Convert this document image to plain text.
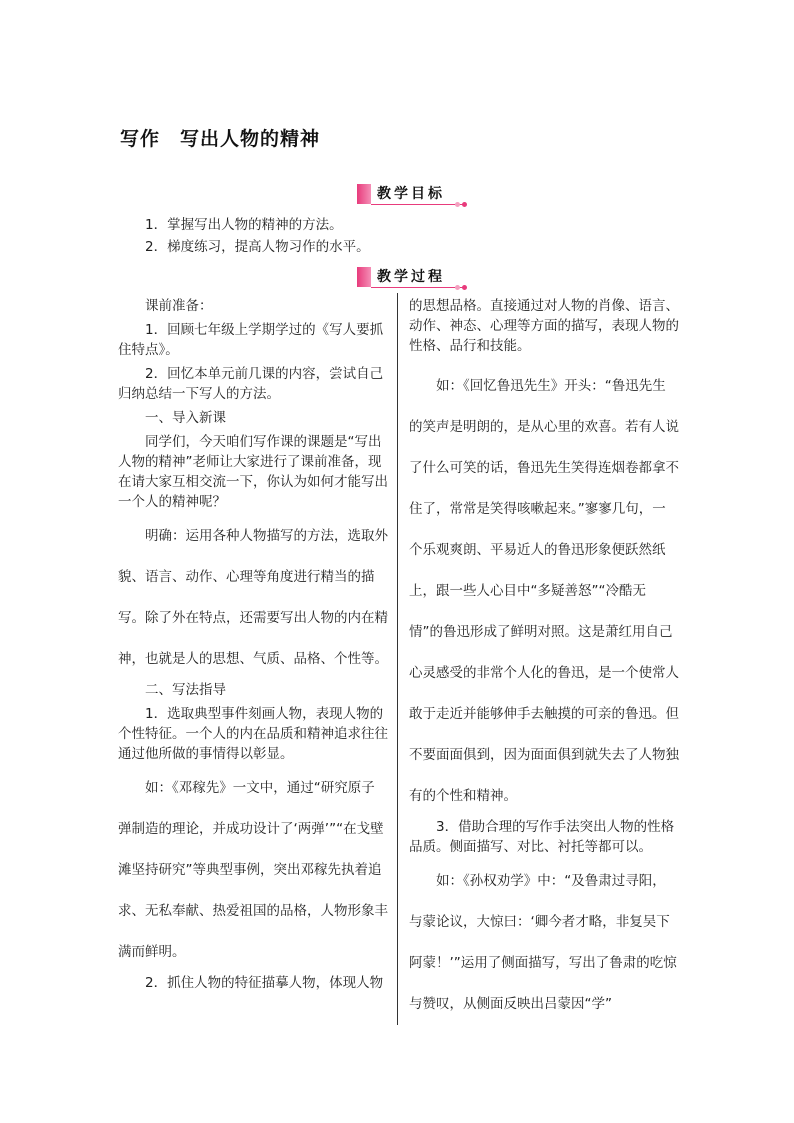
写作　写出人物的精神
教学目标
1．掌握写出人物的精神的方法。
2．梯度练习，提高人物习作的水平。
教学过程

课前准备：

1．回顾七年级上学期学过的《写人要抓住特点》。

2．回忆本单元前几课的内容，尝试自己归纳总结一下写人的方法。

一、导入新课

同学们，今天咱们写作课的课题是“写出人物的精神”老师让大家进行了课前准备，现在请大家互相交流一下，你认为如何才能写出一个人的精神呢？

明确：运用各种人物描写的方法，选取外貌、语言、动作、心理等角度进行精当的描写。除了外在特点，还需要写出人物的内在精神，也就是人的思想、气质、品格、个性等。

二、写法指导

1．选取典型事件刻画人物，表现人物的个性特征。一个人的内在品质和精神追求往往通过他所做的事情得以彰显。

如：《邓稼先》一文中，通过“研究原子弹制造的理论，并成功设计了‘两弹’”“在戈壁滩坚持研究”等典型事例，突出邓稼先执着追求、无私奉献、热爱祖国的品格，人物形象丰满而鲜明。

2．抓住人物的特征描摹人物，体现人物

的思想品格。直接通过对人物的肖像、语言、动作、神态、心理等方面的描写，表现人物的性格、品行和技能。

如：《回忆鲁迅先生》开头：“鲁迅先生的笑声是明朗的，是从心里的欢喜。若有人说了什么可笑的话，鲁迅先生笑得连烟卷都拿不住了，常常是笑得咳嗽起来。”寥寥几句，一个乐观爽朗、平易近人的鲁迅形象便跃然纸上，跟一些人心目中“多疑善怒”“冷酷无情”的鲁迅形成了鲜明对照。这是萧红用自己心灵感受的非常个人化的鲁迅，是一个使常人敢于走近并能够伸手去触摸的可亲的鲁迅。但不要面面俱到，因为面面俱到就失去了人物独有的个性和精神。

3．借助合理的写作手法突出人物的性格品质。侧面描写、对比、衬托等都可以。

如：《孙权劝学》中：“及鲁肃过寻阳，与蒙论议，大惊曰：‘卿今者才略，非复吴下阿蒙！’”运用了侧面描写，写出了鲁肃的吃惊与赞叹，从侧面反映出吕蒙因“学”
